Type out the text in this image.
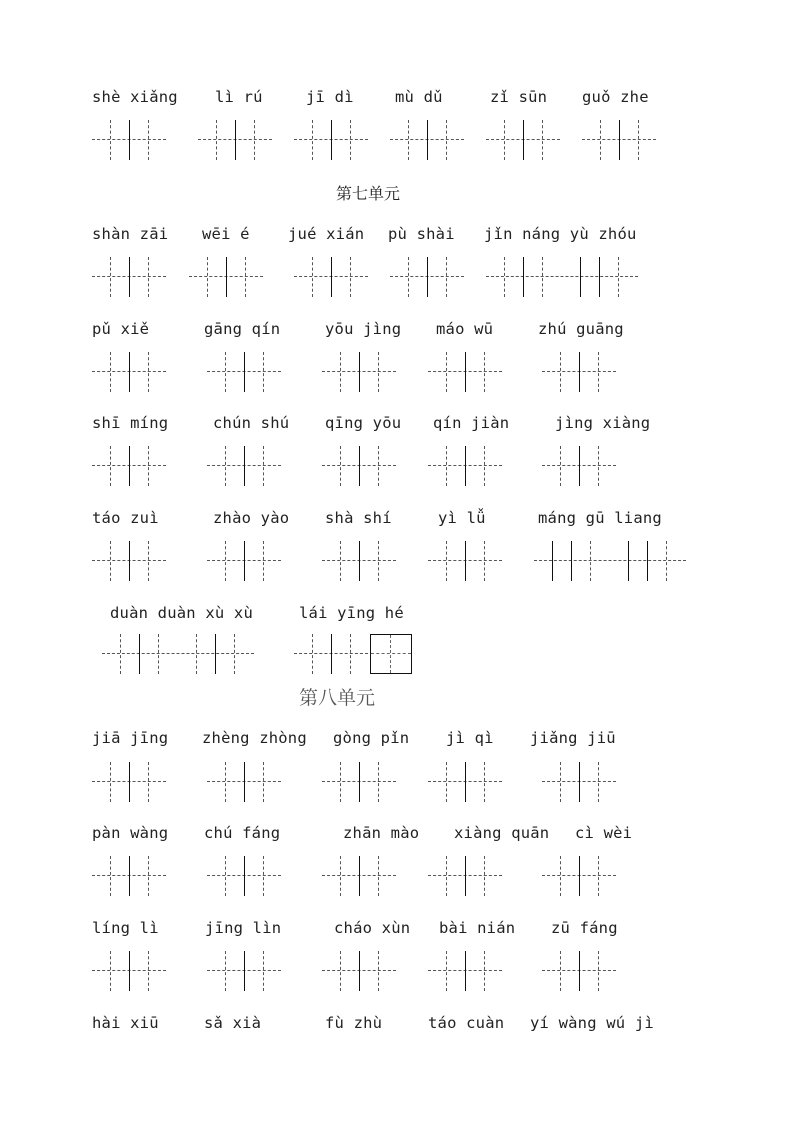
shè xiǎng lì rú	jī dì	mù dǔ	zǐ sūn guǒ zhe
第七单元
shàn zāi wēi é jué xián pù shài jǐn náng yù zhóu
pǔ xiě	gāng qín	yōu jìng máo wū	zhú guāng
shī míng	chún shú qīng yōu qín jiàn	jìng xiàng
táo zuì	zhào yào shà shí	yì lǚ	máng gū liang
duàn duàn xù xù	lái yīng hé
第八单元
jiā jīng zhèng zhòng gòng pǐn jì qì jiǎng jiū
pàn wàng chú fáng	zhān mào xiàng quān cì wèi
líng lì	jīng lìn	cháo xùn bài nián zū fáng
hài xiū	sǎ xià	fù zhù	táo cuàn yí wàng wú jì
